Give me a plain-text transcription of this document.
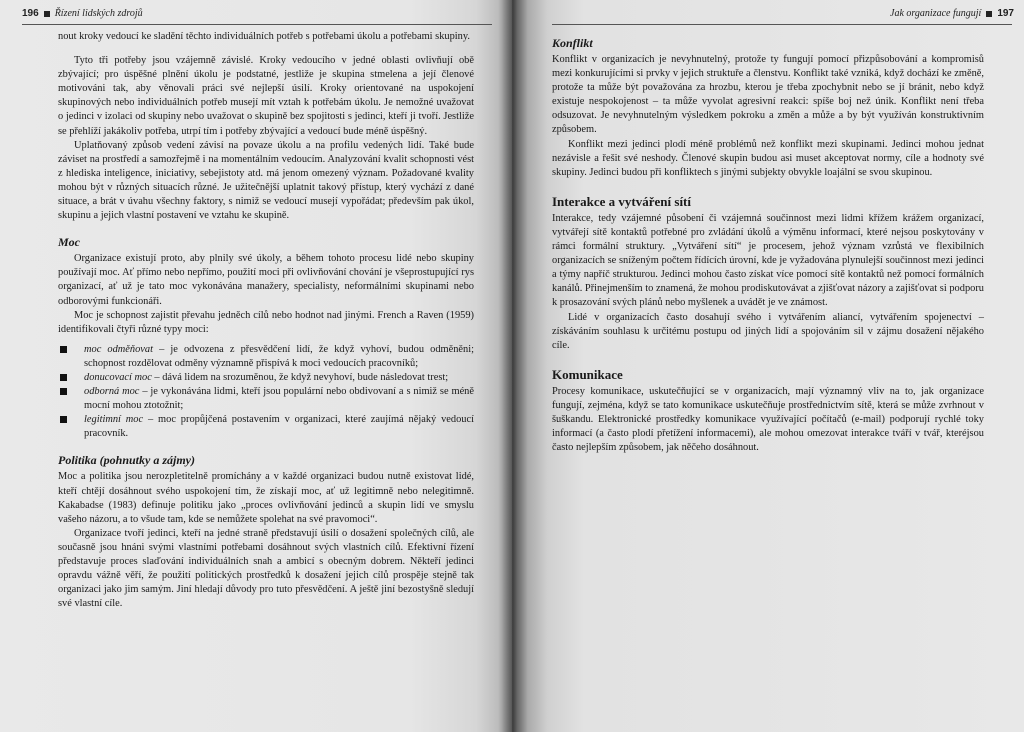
196 Řízení lidských zdrojů

nout kroky vedoucí ke sladění těchto individuálních potřeb s potřebami úkolu a potřebami skupiny.

Tyto tři potřeby jsou vzájemně závislé. Kroky vedoucího v jedné oblasti ovlivňují obě zbývající; pro úspěšné plnění úkolu je podstatné, jestliže je skupina stmelena a její členové motivováni tak, aby věnovali práci své nejlepší úsilí. Kroky orientované na uspokojení skupinových nebo individuálních potřeb musejí mít vztah k potřebám úkolu. Je nemožné uvažovat o jedinci v izolaci od skupiny nebo uvažovat o skupině bez spojitosti s jedinci, kteří ji tvoří. Jestliže se přehlíží jakákoliv potřeba, utrpí tím i potřeby zbývající a vedoucí bude méně úspěšný.

Uplatňovaný způsob vedení závisí na povaze úkolu a na profilu vedených lidí. Také bude záviset na prostředí a samozřejmě i na momentálním vedoucím. Analyzování kvalit schopnosti vést z hlediska inteligence, iniciativy, sebejistoty atd. má jenom omezený význam. Požadované kvality mohou být v různých situacích různé. Je užitečnější uplatnit takový přístup, který vychází z dané situace, a brát v úvahu všechny faktory, s nimiž se vedoucí musejí vypořádat; především pak úkol, skupinu a jejich vlastní postavení ve vztahu ke skupině.

Moc

Organizace existují proto, aby plnily své úkoly, a během tohoto procesu lidé nebo skupiny používají moc. Ať přímo nebo nepřímo, použití moci při ovlivňování chování je všeprostupující rys organizací, ať už je tato moc vykonávána manažery, specialisty, neformálními skupinami nebo odborovými funkcionáři.

Moc je schopnost zajistit převahu jedněch cílů nebo hodnot nad jinými. French a Raven (1959) identifikovali čtyři různé typy moci:

moc odměňovat – je odvozena z přesvědčení lidí, že když vyhoví, budou odměněni; schopnost rozdělovat odměny významně přispívá k moci vedoucích pracovníků;
donucovací moc – dává lidem na srozuměnou, že když nevyhoví, bude následovat trest;
odborná moc – je vykonávána lidmi, kteří jsou populární nebo obdivovaní a s nimiž se méně mocní mohou ztotožnit;
legitimní moc – moc propůjčená postavením v organizaci, které zaujímá nějaký vedoucí pracovník.
Politika (pohnutky a zájmy)

Moc a politika jsou nerozpletitelně promíchány a v každé organizaci budou nutně existovat lidé, kteří chtějí dosáhnout svého uspokojení tím, že získají moc, ať už legitimně nebo nelegitimně. Kakabadse (1983) definuje politiku jako „proces ovlivňování jedinců a skupin lidí ve smyslu vašeho názoru, a to všude tam, kde se nemůžete spolehat na své pravomoci“.

Organizace tvoří jedinci, kteří na jedné straně představují úsilí o dosažení společných cílů, ale současně jsou hnáni svými vlastními potřebami dosáhnout svých vlastních cílů. Efektivní řízení představuje proces slaďování individuálních snah a ambicí s obecným dobrem. Někteří jedinci opravdu vážně věří, že použití politických prostředků k dosažení jejich cílů prospěje stejně tak organizaci jako jim samým. Jiní hledají důvody pro tuto přesvědčení. A ještě jiní bezostyšně sledují své vlastní cíle.

Jak organizace fungují 197
Konflikt

Konflikt v organizacích je nevyhnutelný, protože ty fungují pomocí přizpůsobování a kompromisů mezi konkurujícími si prvky v jejich struktuře a členstvu. Konflikt také vzniká, když dochází ke změně, protože ta může být považována za hrozbu, kterou je třeba zpochybnit nebo se jí bránit, nebo když existuje nespokojenost – ta může vyvolat agresivní reakci: spíše boj než únik. Konflikt není třeba odsuzovat. Je nevyhnutelným výsledkem pokroku a změn a může a by být využíván konstruktivním způsobem.

Konflikt mezi jedinci plodí méně problémů než konflikt mezi skupinami. Jedinci mohou jednat nezávisle a řešit své neshody. Členové skupin budou asi muset akceptovat normy, cíle a hodnoty své skupiny. Jedinci budou při konfliktech s jinými subjekty obvykle loajální se svou skupinou.

Interakce a vytváření sítí

Interakce, tedy vzájemné působení či vzájemná součinnost mezi lidmi křížem krážem organizací, vytvářejí sítě kontaktů potřebné pro zvládání úkolů a výměnu informací, které nejsou poskytovány v rámci formální struktury. „Vytváření sítí“ je procesem, jehož význam vzrůstá ve flexibilních organizacích se sníženým počtem řídících úrovní, kde je vyžadována plynulejší součinnost mezi jedinci a týmy napříč strukturou. Jedinci mohou často získat více pomocí sítě kontaktů než pomocí formálních kanálů. Přinejmenším to znamená, že mohou prodiskutovávat a zjišťovat názory a zajišťovat si podporu k prosazování svých plánů nebo myšlenek a uvádět je ve známost.

Lidé v organizacích často dosahují svého i vytvářením aliancí, vytvářením spojenectví – získáváním souhlasu k určitému postupu od jiných lidí a spojováním sil v zájmu dosažení nějakého cíle.

Komunikace

Procesy komunikace, uskutečňující se v organizacích, mají významný vliv na to, jak organizace fungují, zejména, když se tato komunikace uskutečňuje prostřednictvím sítě, která se může zvrhnout v šuškandu. Elektronické prostředky komunikace využívající počítačů (e-mail) podporují rychlé toky informací (a často plodí přetížení informacemi), ale mohou omezovat interakce tváří v tvář, kteréjsou často nejlepším způsobem, jak něčeho dosáhnout.
